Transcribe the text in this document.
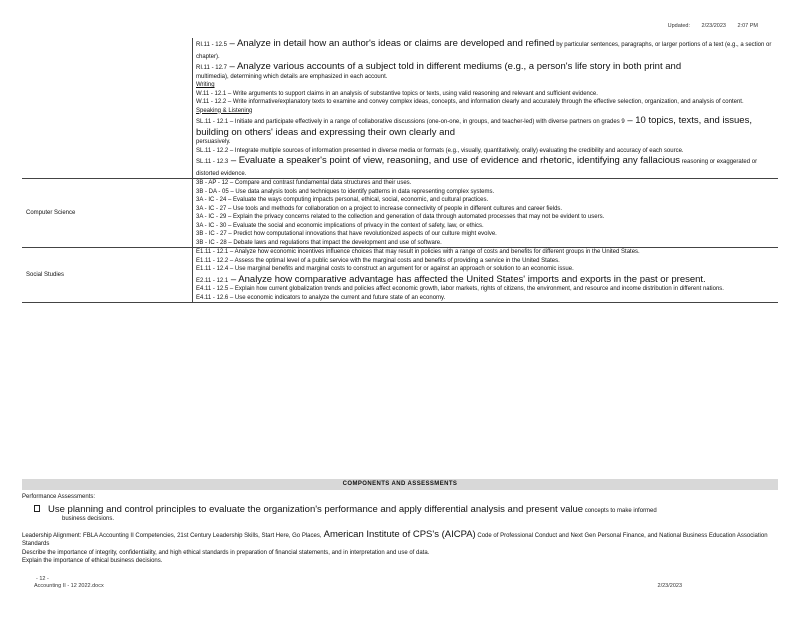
Updated: 2/23/2023 2:07 PM

RI.11 - 12.5 – Analyze in detail how an author's ideas or claims are developed and refined by particular sentences, paragraphs, or larger portions of a text (e.g., a section or chapter).

RI.11 - 12.7 – Analyze various accounts of a subject told in different mediums (e.g., a person's life story in both print and

multimedia), determining which details are emphasized in each account.

Writing

W.11 - 12.1 – Write arguments to support claims in an analysis of substantive topics or texts, using valid reasoning and relevant and sufficient evidence.

W.11 - 12.2 – Write informative/explanatory texts to examine and convey complex ideas, concepts, and information clearly and accurately through the effective selection, organization, and analysis of content.

Speaking & Listening

SL.11 - 12.1 – Initiate and participate effectively in a range of collaborative discussions (one-on-one, in groups, and teacher-led) with diverse partners on grades 9 – 10 topics, texts, and issues, building on others' ideas and expressing their own clearly and

persuasively.

SL.11 - 12.2 – Integrate multiple sources of information presented in diverse media or formats (e.g., visually, quantitatively, orally) evaluating the credibility and accuracy of each source.

SL.11 - 12.3 – Evaluate a speaker's point of view, reasoning, and use of evidence and rhetoric, identifying any fallacious reasoning or exaggerated or distorted evidence.

Computer Science

3B - AP - 12 – Compare and contrast fundamental data structures and their uses.

3B - DA - 05 – Use data analysis tools and techniques to identify patterns in data representing complex systems.

3A - IC - 24 – Evaluate the ways computing impacts personal, ethical, social, economic, and cultural practices.

3A - IC - 27 – Use tools and methods for collaboration on a project to increase connectivity of people in different cultures and career fields.

3A - IC - 29 – Explain the privacy concerns related to the collection and generation of data through automated processes that may not be evident to users.

3A - IC - 30 – Evaluate the social and economic implications of privacy in the context of safety, law, or ethics.

3B - IC - 27 – Predict how computational innovations that have revolutionized aspects of our culture might evolve.

3B - IC - 28 – Debate laws and regulations that impact the development and use of software.

Social Studies

E1.11 - 12.1 – Analyze how economic incentives influence choices that may result in policies with a range of costs and benefits for different groups in the United States.

E1.11 - 12.2 – Assess the optimal level of a public service with the marginal costs and benefits of providing a service in the United States.

E1.11 - 12.4 – Use marginal benefits and marginal costs to construct an argument for or against an approach or solution to an economic issue.

E2.11 - 12.1 – Analyze how comparative advantage has affected the United States' imports and exports in the past or present.

E4.11 - 12.5 – Explain how current globalization trends and policies affect economic growth, labor markets, rights of citizens, the environment, and resource and income distribution in different nations.

E4.11 - 12.6 – Use economic indicators to analyze the current and future state of an economy.

COMPONENTS AND ASSESSMENTS

Performance Assessments:

Use planning and control principles to evaluate the organization's performance and apply differential analysis and present value concepts to make informed

business decisions.

Leadership Alignment: FBLA Accounting II Competencies, 21st Century Leadership Skills, Start Here, Go Places, American Institute of CPS's (AICPA) Code of Professional Conduct and Next Gen Personal Finance, and National Business Education Association Standards

Describe the importance of integrity, confidentiality, and high ethical standards in preparation of financial statements, and in interpretation and use of data.

Explain the importance of ethical business decisions.

- 12 -
Accounting II - 12 2022.docx	2/23/2023
